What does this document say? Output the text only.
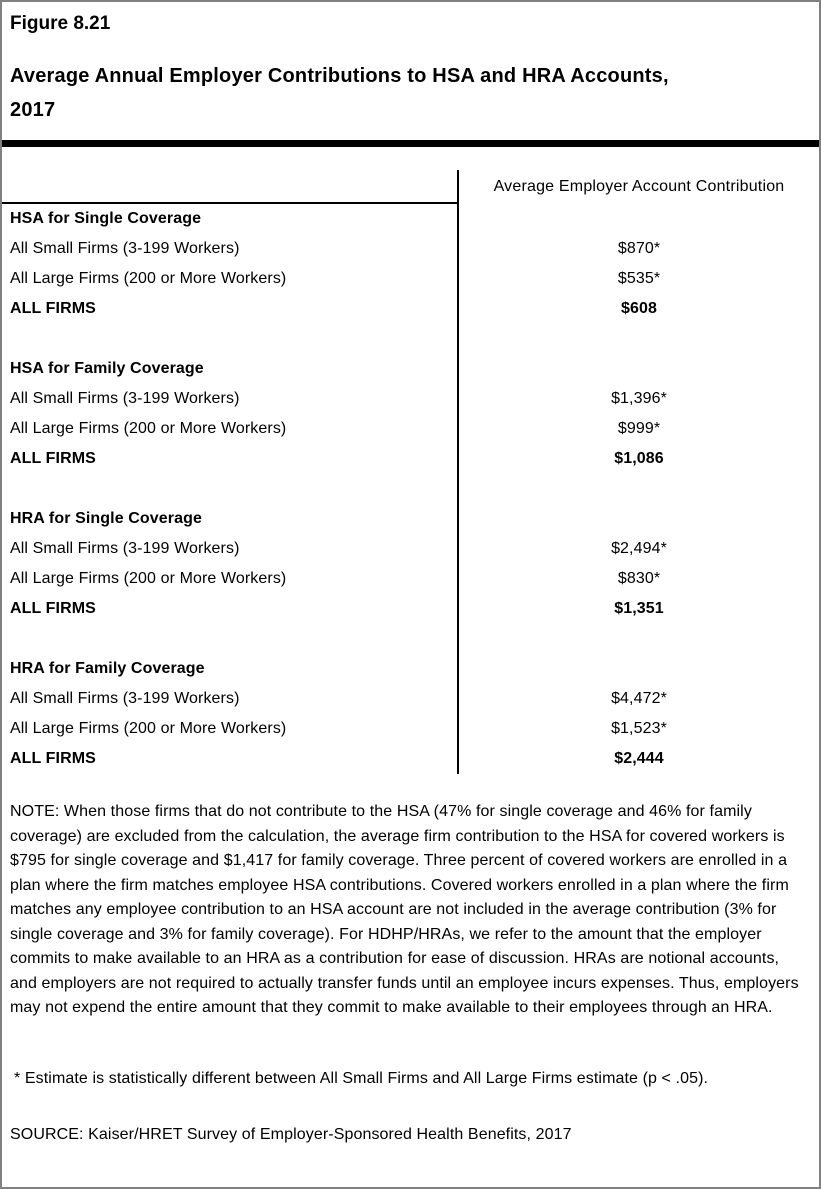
Figure 8.21
Average Annual Employer Contributions to HSA and HRA Accounts,
2017
Average Employer Account Contribution
HSA for Single Coverage
All Small Firms (3-199 Workers)	$870*
All Large Firms (200 or More Workers)	$535*
ALL FIRMS	$608
HSA for Family Coverage
All Small Firms (3-199 Workers)	$1,396*
All Large Firms (200 or More Workers)	$999*
ALL FIRMS	$1,086
HRA for Single Coverage
All Small Firms (3-199 Workers)	$2,494*
All Large Firms (200 or More Workers)	$830*
ALL FIRMS	$1,351
HRA for Family Coverage
All Small Firms (3-199 Workers)	$4,472*
All Large Firms (200 or More Workers)	$1,523*
ALL FIRMS	$2,444

NOTE: When those firms that do not contribute to the HSA (47% for single coverage and 46% for family coverage) are excluded from the calculation, the average firm contribution to the HSA for covered workers is $795 for single coverage and $1,417 for family coverage. Three percent of covered workers are enrolled in a plan where the firm matches employee HSA contributions. Covered workers enrolled in a plan where the firm matches any employee contribution to an HSA account are not included in the average contribution (3% for single coverage and 3% for family coverage). For HDHP/HRAs, we refer to the amount that the employer commits to make available to an HRA as a contribution for ease of discussion. HRAs are notional accounts, and employers are not required to actually transfer funds until an employee incurs expenses. Thus, employers may not expend the entire amount that they commit to make available to their employees through an HRA.

* Estimate is statistically different between All Small Firms and All Large Firms estimate (p < .05).

SOURCE: Kaiser/HRET Survey of Employer-Sponsored Health Benefits, 2017
